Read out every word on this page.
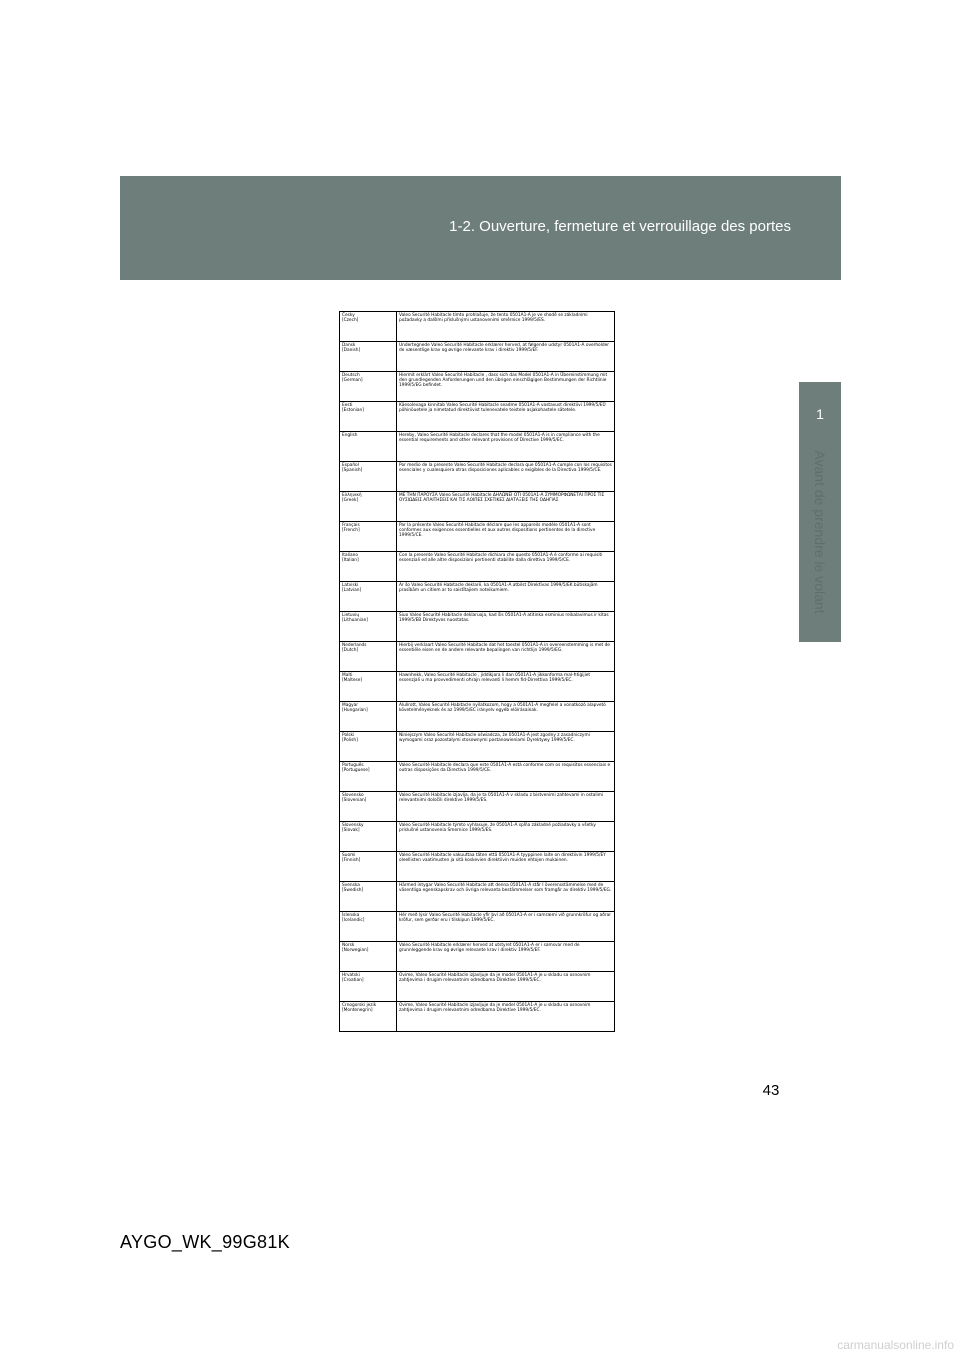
1-2. Ouverture, fermeture et verrouillage des portes
1
Avant de prendre le volant
Česky
[Czech]	Valeo Securité Habitacle tímto prohlašuje, že tento 0501A1-A je ve shodě se základními požadavky a dalšími příslušnými ustanoveními směrnice 1999/5/ES.

Dansk
[Danish]	Undertegnede Valeo Securité Habitacle erklærer herved, at følgende udstyr 0501A1-A overholder de væsentlige krav og øvrige relevante krav i direktiv 1999/5/EF.

Deutsch
[German]	Hiermit erklärt Valeo Securité Habitacle , dass sich das Model 0501A1-A in Übereinstimmung mit den grundlegenden Anforderungen und den übrigen einschlägigen Bestimmungen der Richtlinie 1999/5/EG befindet.

Eesti
[Estonian]	Käesolevaga kinnitab Valeo Securité Habitacle seadme 0501A1-A vastavust direktiivi 1999/5/EÜ põhinõuetele ja nimetatud direktiivist tulenevatele teistele asjakohastele sätetele.

English	Hereby, Valeo Securité Habitacle declares that the model 0501A1-A is in compliance with the essential requirements and other relevant provisions of Directive 1999/5/EC.

Español
[Spanish]	Por medio de la presente Valeo Securité Habitacle declara que 0501A1-A cumple con los requisitos esenciales y cualesquiera otras disposiciones aplicables o exigibles de la Directiva 1999/5/CE.

Ελληνική
[Greek]	ΜΕ ΤΗΝ ΠΑΡΟΥΣΑ Valeo Securité Habitacle ΔΗΛΩΝΕΙ ΟΤΙ 0501A1-A ΣΥΜΜΟΡΦΩΝΕΤΑΙ ΠΡΟΣ ΤΙΣ ΟΥΣΙΩΔΕΙΣ ΑΠΑΙΤΗΣΕΙΣ ΚΑΙ ΤΙΣ ΛΟΙΠΕΣ ΣΧΕΤΙΚΕΣ ΔΙΑΤΑΞΕΙΣ ΤΗΣ ΟΔΗΓΙΑΣ

Français
[French]	Par la présente Valeo Securité Habitacle déclare que les appareils modèle 0501A1-A sont conformes aux exigences essentielles et aux autres dispositions pertinentes de la directive 1999/5/CE.

Italiano
[Italian]	Con la presente Valeo Securité Habitacle dichiara che questo 0501A1-A è conforme ai requisiti essenziali ed alle altre disposizioni pertinenti stabilite dalla direttiva 1999/5/CE.

Latviski
[Latvian]	Ar šo Valeo Securité Habitacle deklarē, ka 0501A1-A atbilst Direktīvas 1999/5/EK būtiskajām prasībām un citiem ar to saistītajiem noteikumiem.

Lietuvių
[Lithuanian]	Šiuo Valeo Securité Habitacle deklaruoja, kad šis 0501A1-A atitinka esminius reikalavimus ir kitas 1999/5/EB Direktyvos nuostatas.

Nederlands
[Dutch]	Hierbij verklaart Valeo Securité Habitacle dat het toestel 0501A1-A in overeenstemming is met de essentiële eisen en de andere relevante bepalingen van richtlijn 1999/5/EG.

Malti
[Maltese]	Hawnhekk, Valeo Securité Habitacle , jiddikjara li dan 0501A1-A jikkonforma mal-ħtiġijiet essenzjali u ma provvedimenti oħrajn relevanti li hemm fid-Dirrettiva 1999/5/EC.

Magyar
[Hungarian]	Alulírott, Valeo Securité Habitacle nyilatkozom, hogy a 0501A1-A megfelel a vonatkozó alapvetõ követelményeknek és az 1999/5/EC irányelv egyéb elõírásainak.

Polski
[Polish]	Niniejszym Valeo Securité Habitacle oświadcza, że 0501A1-A jest zgodny z zasadniczymi wymogami oraz pozostałymi stosownymi postanowieniami Dyrektywy 1999/5/EC.

Português
[Portuguese]	Valeo Securité Habitacle declara que este 0501A1-A está conforme com os requisitos essenciais e outras disposições da Directiva 1999/5/CE.

Slovensko
[Slovenian]	Valeo Securité Habitacle izjavlja, da je ta 0501A1-A v skladu z bistvenimi zahtevami in ostalimi relevantnimi določili direktive 1999/5/ES.

Slovensky
[Slovak]	Valeo Securité Habitacle týmto vyhlasuje, že 0501A1-A spĺňa základné požiadavky a všetky príslušné ustanovenia Smernice 1999/5/ES.

Suomi
[Finnish]	Valeo Securité Habitacle vakuuttaa täten että 0501A1-A tyyppinen laite on direktiivin 1999/5/EY oleellisten vaatimusten ja sitä koskevien direktiivin muiden ehtojen mukainen.

Svenska
[Swedish]	Härmed intygar Valeo Securité Habitacle att denna 0501A1-A står I överensstämmelse med de väsentliga egenskapskrav och övriga relevanta bestämmelser som framgår av direktiv 1999/5/EG.

Íslenska
[Icelandic]	Hér með lýsir Valeo Securité Habitacle yfir því að 0501A1-A er í samræmi við grunnkröfur og aðrar kröfur, sem gerðar eru í tilskipun 1999/5/EC.

Norsk
[Norwegian]	Valeo Securité Habitacle erklærer herved at utstyret 0501A1-A er i samsvar med de grunnleggende krav og øvrige relevante krav i direktiv 1999/5/EF.

Hrvatski
[Croatian]	Ovime, Valeo Securité Habitacle izjavljuje da je model 0501A1-A je u skladu sa osnovnim zahtjevima i drugim relevantnim odredbama Direktive 1999/5/EC.

Crnogorski jezik
[Montenegrin]	Ovime, Valeo Securité Habitacle izjavljuje da je model 0501A1-A je u skladu sa osnovnim zahtjevima i drugim relevantnim odredbama Direktive 1999/5/EC.
43
AYGO_WK_99G81K
carmanualsonline.info
